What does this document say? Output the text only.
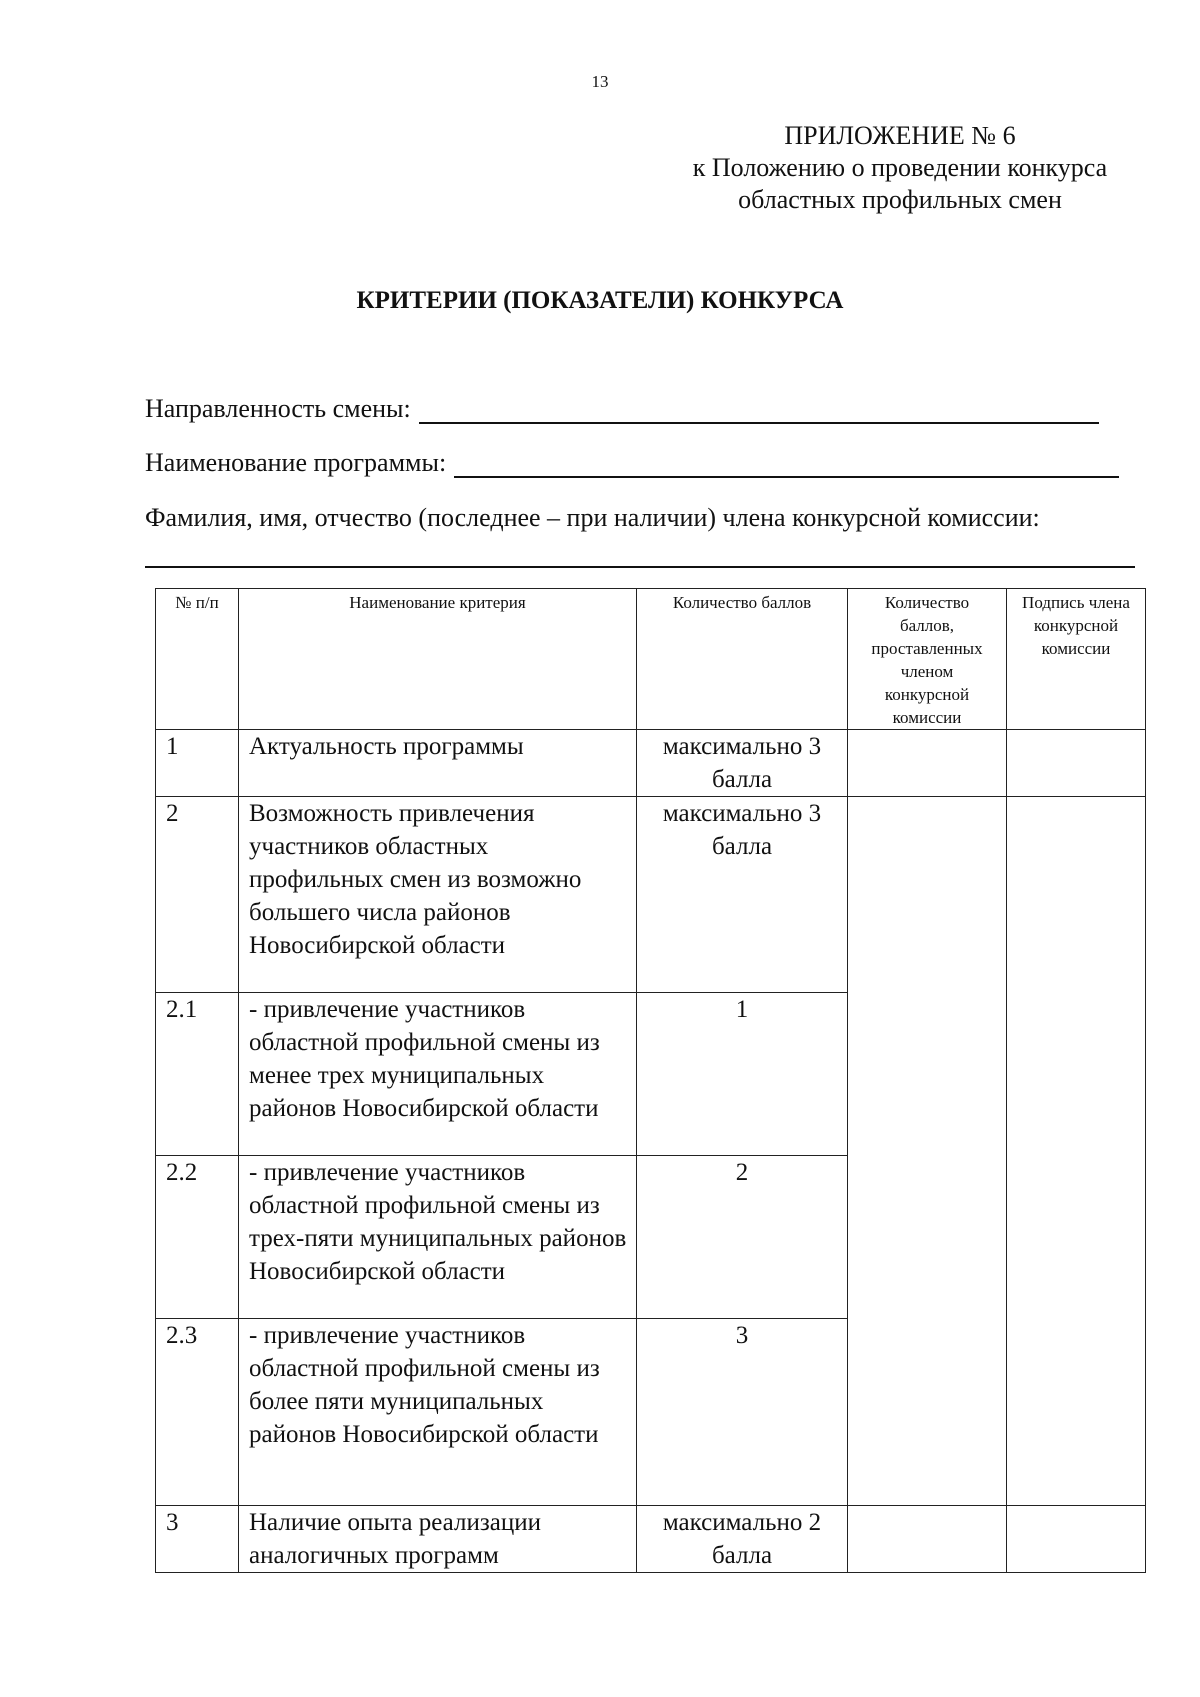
13
ПРИЛОЖЕНИЕ № 6
к Положению о проведении конкурса
областных профильных смен
КРИТЕРИИ (ПОКАЗАТЕЛИ) КОНКУРСА
Направленность смены:
Наименование программы:
Фамилия, имя, отчество (последнее – при наличии) члена конкурсной комиссии:
№ п/п	Наименование критерия	Количество баллов	Количество баллов, проставленных членом конкурсной комиссии	Подпись члена конкурсной комиссии
1	Актуальность программы	максимально 3 балла		
2	Возможность привлечения участников областных профильных смен из возможно большего числа районов Новосибирской области	максимально 3 балла		
2.1	- привлечение участников областной профильной смены из менее трех муниципальных районов Новосибирской области	1		
2.2	- привлечение участников областной профильной смены из трех-пяти муниципальных районов Новосибирской области	2		
2.3	- привлечение участников областной профильной смены из более пяти муниципальных районов Новосибирской области	3		
3	Наличие опыта реализации аналогичных программ	максимально 2 балла		
